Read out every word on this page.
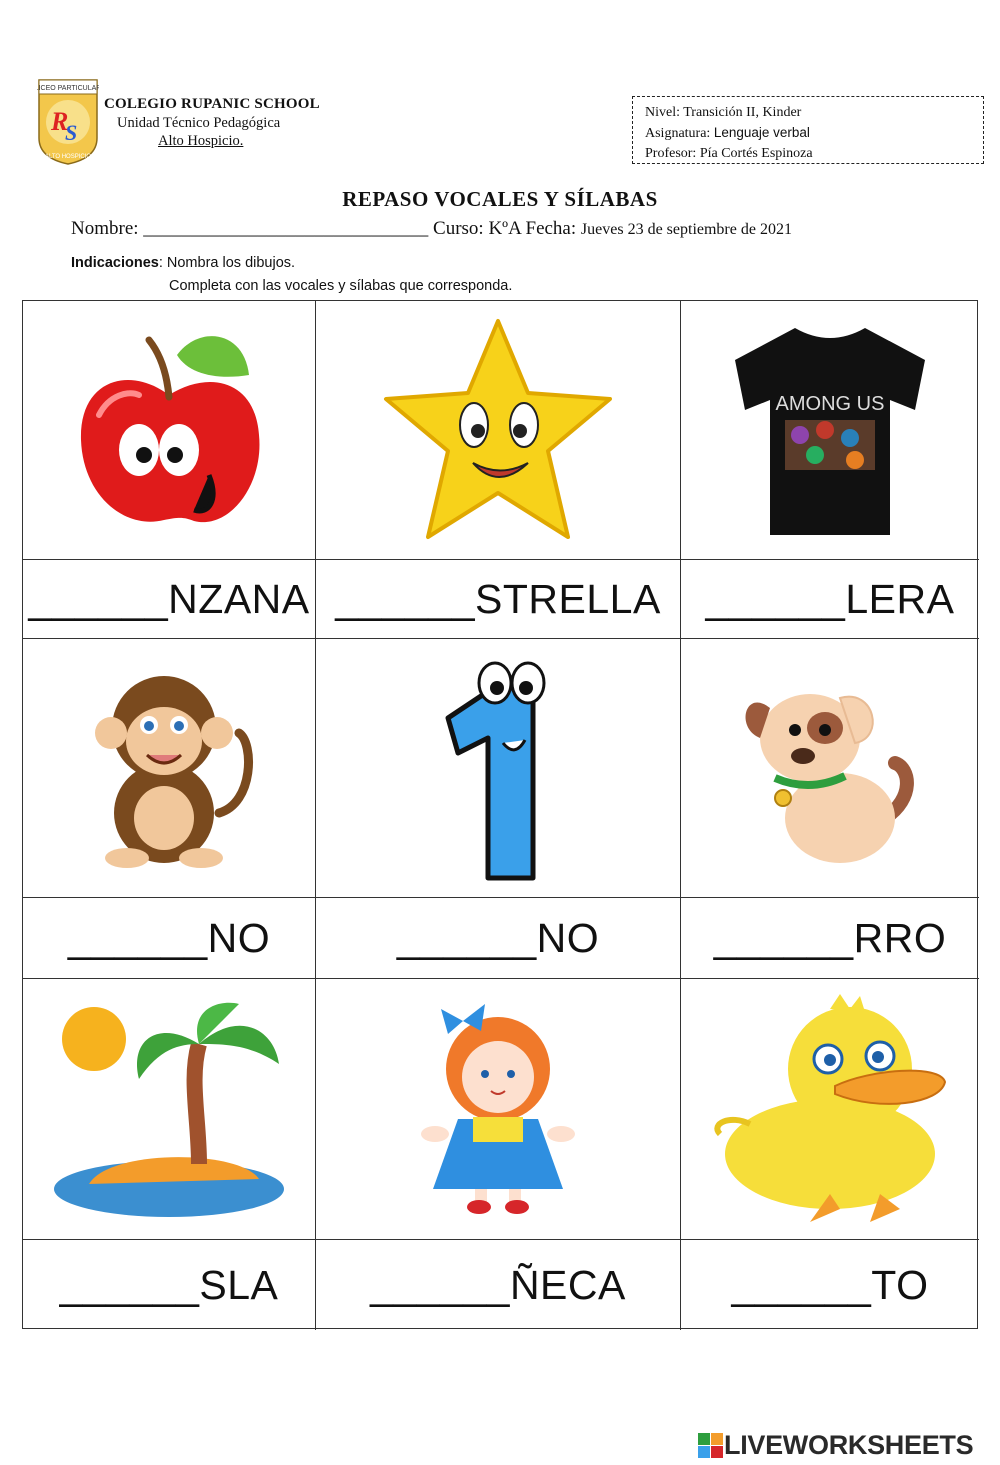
LICEO PARTICULAR
R
S
ALTO HOSPICIO
COLEGIO RUPANIC SCHOOL
Unidad Técnico Pedagógica
Alto Hospicio.
Nivel: Transición II, Kinder
Asignatura: Lenguaje verbal
Profesor: Pía Cortés Espinoza
REPASO VOCALES Y SÍLABAS
Nombre: ______________________________ Curso: KºA Fecha: Jueves 23 de septiembre de 2021
Indicaciones: Nombra los dibujos.
Completa con las vocales y sílabas que corresponda.
AMONG US
______NZANA ______STRELLA	______LERA
______NO	______NO	______RRO
______SLA	______ÑECA	______TO
LIVEWORKSHEETS
